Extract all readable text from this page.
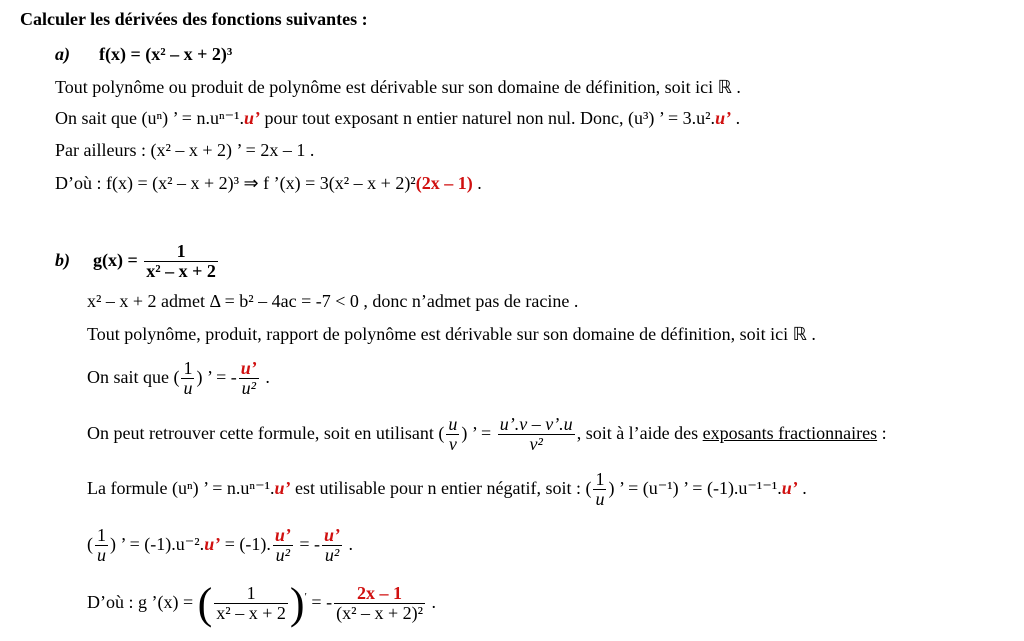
Calculer les dérivées des fonctions suivantes :
a) f(x) = (x² – x + 2)³
Tout polynôme ou produit de polynôme est dérivable sur son domaine de définition, soit ici ℝ .
On sait que (uⁿ) ’ = n.uⁿ⁻¹.u’ pour tout exposant n entier naturel non nul. Donc, (u³) ’ = 3.u².u’ .
Par ailleurs : (x² – x + 2) ’ = 2x – 1 .
D’où : f(x) = (x² – x + 2)³ ⇒ f ’(x) = 3(x² – x + 2)²(2x – 1) .
b) $g(x) = \frac{1}{\text{x² – x + 2}}$
x² – x + 2 admet Δ = b² – 4ac = -7 < 0 , donc n’admet pas de racine .
Tout polynôme, produit, rapport de polynôme est dérivable sur son domaine de définition, soit ici ℝ .
On sait que ( $\frac{1}{u}$ ) ’ = - $\frac{u’}{\text{u²}}$ .
On peut retrouver cette formule, soit en utilisant ( $\frac{u}{v}$ ) ’ = $\frac{u’.v - v’.u}{\text{v²}}$ , soit à l’aide des exposants fractionnaires :
La formule (uⁿ) ’ = n.uⁿ⁻¹.u’ est utilisable pour n entier négatif, soit : ( $\frac{1}{u}$ ) ’ = (u⁻¹) ’ = (-1).u⁻¹⁻¹.u’ .
( $\frac{1}{u}$ ) ’ = (-1).u⁻².u’ = (-1). $\frac{u’}{\text{u²}}$ = - $\frac{u’}{\text{u²}}$ .
D’où : g ’(x) = ( $\frac{1}{\text{x² – x + 2}} )'$ = - $\frac{2x - 1}{\text{(x² – x + 2)²}}$ .
